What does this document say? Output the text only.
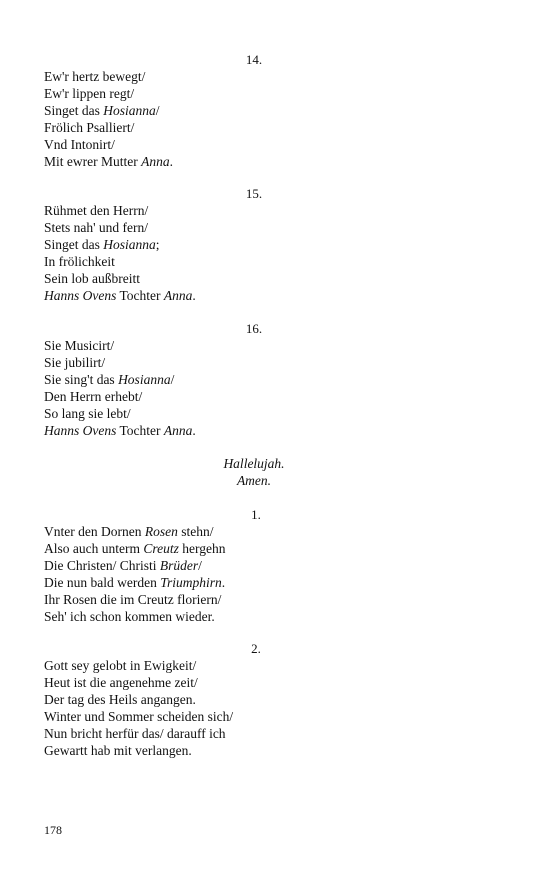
14.
Ew'r hertz bewegt/
Ew'r lippen regt/
Singet das Hosianna/
Frölich Psalliert/
Vnd Intonirt/
Mit ewrer Mutter Anna.
15.
Rühmet den Herrn/
Stets nah' und fern/
Singet das Hosianna;
In frölichkeit
Sein lob außbreitt
Hanns Ovens Tochter Anna.
16.
Sie Musicirt/
Sie jubilirt/
Sie sing't das Hosianna/
Den Herrn erhebt/
So lang sie lebt/
Hanns Ovens Tochter Anna.
Hallelujah.
Amen.
1.
Vnter den Dornen Rosen stehn/
Also auch unterm Creutz hergehn
Die Christen/ Christi Brüder/
Die nun bald werden Triumphirn.
Ihr Rosen die im Creutz floriern/
Seh' ich schon kommen wieder.
2.
Gott sey gelobt in Ewigkeit/
Heut ist die angenehme zeit/
Der tag des Heils angangen.
Winter und Sommer scheiden sich/
Nun bricht herfür das/ darauff ich
Gewartt hab mit verlangen.
178
